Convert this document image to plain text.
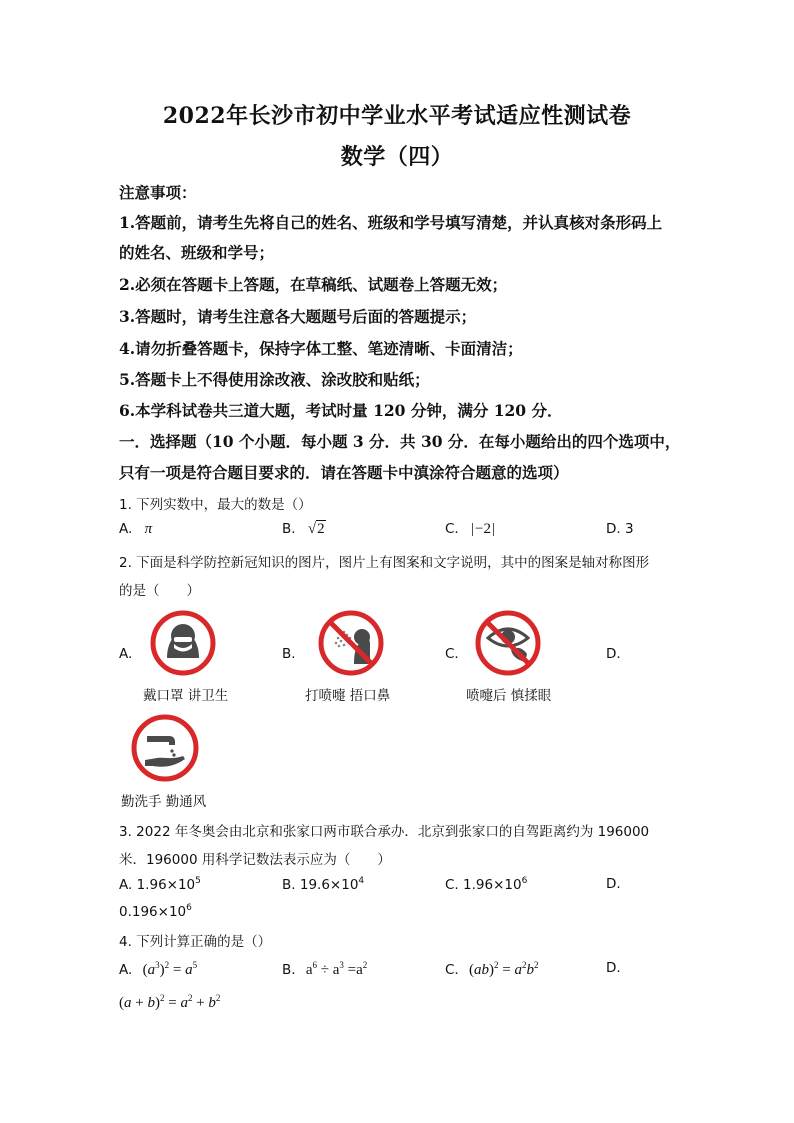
2022年长沙市初中学业水平考试适应性测试卷
数学（四）
注意事项：
1.答题前，请考生先将自己的姓名、班级和学号填写清楚，并认真核对条形码上
的姓名、班级和学号；
2.必须在答题卡上答题，在草稿纸、试题卷上答题无效；
3.答题时，请考生注意各大题题号后面的答题提示；
4.请勿折叠答题卡，保持字体工整、笔迹清晰、卡面清洁；
5.答题卡上不得使用涂改液、涂改胶和贴纸；
6.本学科试卷共三道大题，考试时量 120 分钟，满分 120 分．
一．选择题（10 个小题．每小题 3 分．共 30 分．在每小题给出的四个选项中，
只有一项是符合题目要求的．请在答题卡中滇涂符合题意的选项）
1. 下列实数中，最大的数是（）
A. π	B. √2	C. |−2|	D. 3
2. 下面是科学防控新冠知识的图片，图片上有图案和文字说明，其中的图案是轴对称图形
的是（　　）
A.	B.	C.	D.
戴口罩 讲卫生	打喷嚏 捂口鼻	喷嚏后 慎揉眼
勤洗手 勤通风
3. 2022 年冬奥会由北京和张家口两市联合承办．北京到张家口的自驾距离约为 196000
米．196000 用科学记数法表示应为（　　）
A. $1.96\times 10^5$	B. $19.6\times 10^4$	C. $1.96\times 10^6$	D.
$0.196\times 10^6$
4. 下列计算正确的是（）
A. $(a^3)^2 = a^5$	B. $a^6 \div a^3 =a^2$	C. $(ab)^2 = a^2b^2$	D.
$(a + b)^2 = a^2 + b^2$
